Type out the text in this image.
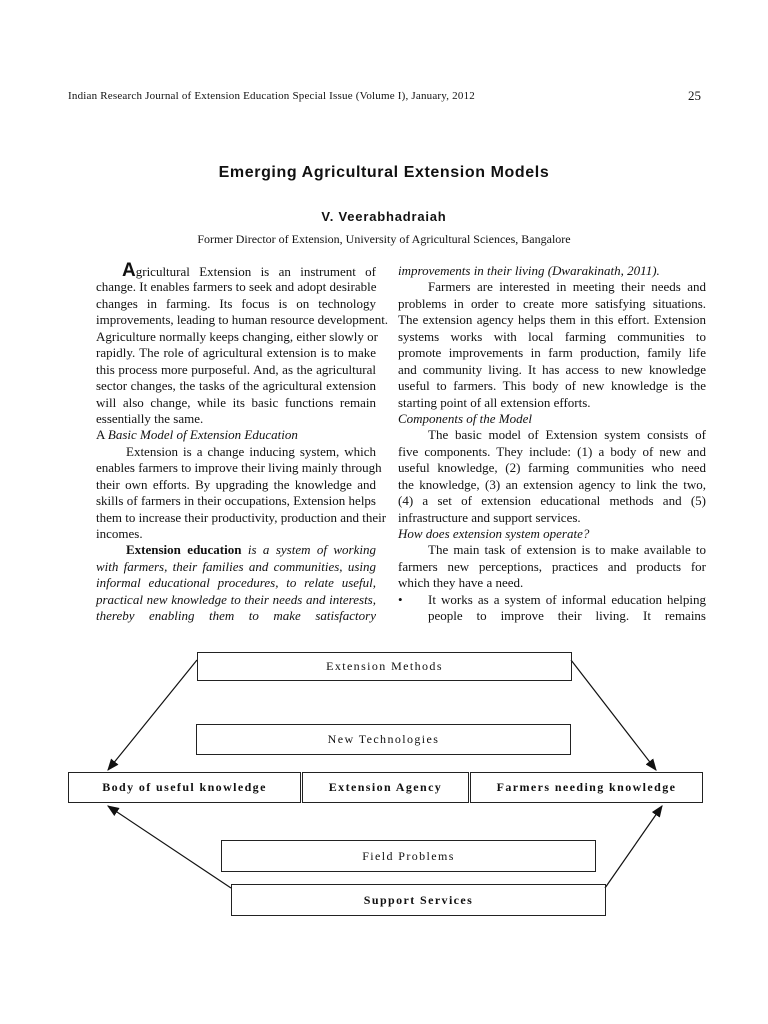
Indian Research Journal of Extension Education Special Issue (Volume I), January, 2012	25
Emerging Agricultural Extension Models
V. Veerabhadraiah
Former Director of Extension, University of Agricultural Sciences, Bangalore
Agricultural Extension is an instrument of
change. It enables farmers to seek and adopt desirable
changes in farming. Its focus is on technology
improvements, leading to human resource development.
Agriculture normally keeps changing, either slowly or
rapidly. The role of agricultural extension is to make
this process more purposeful. And, as the agricultural
sector changes, the tasks of the agricultural extension
will also change, while its basic functions remain
essentially the same.
A Basic Model of Extension Education
Extension is a change inducing system, which
enables farmers to improve their living mainly through
their own efforts. By upgrading the knowledge and
skills of farmers in their occupations, Extension helps
them to increase their productivity, production and their
incomes.
Extension education is a system of working
with farmers, their families and communities, using
informal educational procedures, to relate useful,
practical new knowledge to their needs and interests,
thereby enabling them to make satisfactory
improvements in their living (Dwarakinath, 2011).
Farmers are interested in meeting their needs and
problems in order to create more satisfying situations.
The extension agency helps them in this effort. Extension
systems works with local farming communities to
promote improvements in farm production, family life
and community living. It has access to new knowledge
useful to farmers. This body of new knowledge is the
starting point of all extension efforts.
Components of the Model
The basic model of Extension system consists of
five components. They include: (1) a body of new and
useful knowledge, (2) farming communities who need
the knowledge, (3) an extension agency to link the two,
(4) a set of extension educational methods and (5)
infrastructure and support services.
How does extension system operate?
The main task of extension is to make available to
farmers new perceptions, practices and products for
which they have a need.
• It works as a system of informal education helping
people to improve their living. It remains
Extension Methods
New Technologies
Body of useful knowledge	Extension Agency	Farmers needing knowledge
Field Problems
Support Services
